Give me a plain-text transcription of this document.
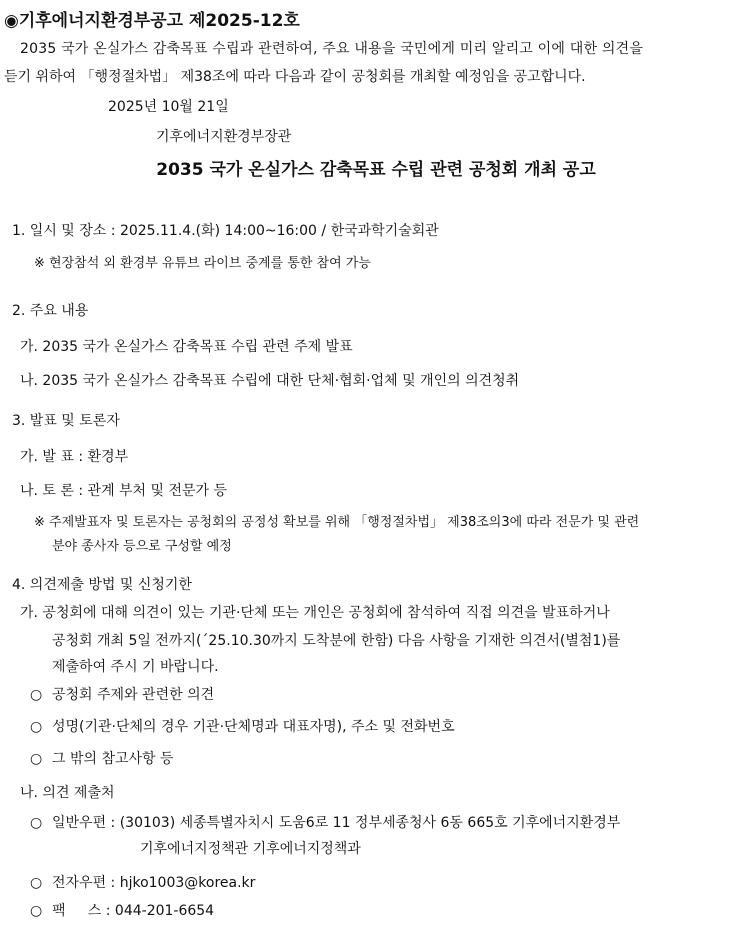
◉기후에너지환경부공고 제2025-12호
2035 국가 온실가스 감축목표 수립과 관련하여, 주요 내용을 국민에게 미리 알리고 이에 대한 의견을
듣기 위하여 「행정절차법」 제38조에 따라 다음과 같이 공청회를 개최할 예정임을 공고합니다.
2025년 10월 21일
기후에너지환경부장관
2035 국가 온실가스 감축목표 수립 관련 공청회 개최 공고
1. 일시 및 장소 : 2025.11.4.(화) 14:00~16:00 / 한국과학기술회관
※ 현장참석 외 환경부 유튜브 라이브 중계를 통한 참여 가능
2. 주요 내용
가. 2035 국가 온실가스 감축목표 수립 관련 주제 발표
나. 2035 국가 온실가스 감축목표 수립에 대한 단체·협회·업체 및 개인의 의견청취
3. 발표 및 토론자
가. 발 표 : 환경부
나. 토 론 : 관계 부처 및 전문가 등
※ 주제발표자 및 토론자는 공청회의 공정성 확보를 위해 「행정절차법」 제38조의3에 따라 전문가 및 관련
분야 종사자 등으로 구성할 예정
4. 의견제출 방법 및 신청기한
가. 공청회에 대해 의견이 있는 기관·단체 또는 개인은 공청회에 참석하여 직접 의견을 발표하거나
공청회 개최 5일 전까지(´25.10.30까지 도착분에 한함) 다음 사항을 기재한 의견서(별첨1)를
제출하여 주시 기 바랍니다.
○ 공청회 주제와 관련한 의견
○ 성명(기관·단체의 경우 기관·단체명과 대표자명), 주소 및 전화번호
○ 그 밖의 참고사항 등
나. 의견 제출처
○ 일반우편 : (30103) 세종특별자치시 도움6로 11 정부세종청사 6동 665호 기후에너지환경부
기후에너지정책관 기후에너지정책과
○ 전자우편 : hjko1003@korea.kr
○ 팩     스 : 044-201-6654
